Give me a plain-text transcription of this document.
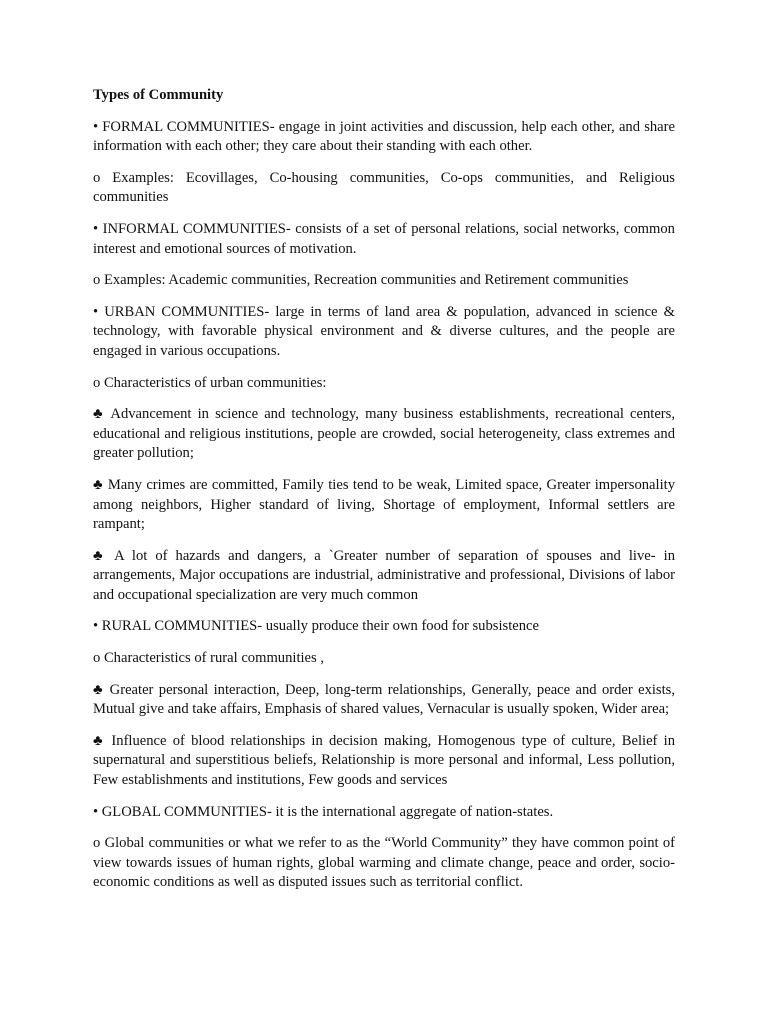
Types of Community

• FORMAL COMMUNITIES- engage in joint activities and discussion, help each other, and share information with each other; they care about their standing with each other.

o Examples: Ecovillages, Co-housing communities, Co-ops communities, and Religious communities

• INFORMAL COMMUNITIES- consists of a set of personal relations, social networks, common interest and emotional sources of motivation.

o Examples: Academic communities, Recreation communities and Retirement communities

• URBAN COMMUNITIES- large in terms of land area & population, advanced in science & technology, with favorable physical environment and & diverse cultures, and the people are engaged in various occupations.

o Characteristics of urban communities:

♣ Advancement in science and technology, many business establishments, recreational centers, educational and religious institutions, people are crowded, social heterogeneity, class extremes and greater pollution;

♣ Many crimes are committed, Family ties tend to be weak, Limited space, Greater impersonality among neighbors, Higher standard of living, Shortage of employment, Informal settlers are rampant;

♣ A lot of hazards and dangers, a `Greater number of separation of spouses and live- in arrangements, Major occupations are industrial, administrative and professional, Divisions of labor and occupational specialization are very much common

• RURAL COMMUNITIES- usually produce their own food for subsistence

o Characteristics of rural communities ,

♣ Greater personal interaction, Deep, long-term relationships, Generally, peace and order exists, Mutual give and take affairs, Emphasis of shared values, Vernacular is usually spoken, Wider area;

♣ Influence of blood relationships in decision making, Homogenous type of culture, Belief in supernatural and superstitious beliefs, Relationship is more personal and informal, Less pollution, Few establishments and institutions, Few goods and services

• GLOBAL COMMUNITIES- it is the international aggregate of nation-states.

o Global communities or what we refer to as the “World Community” they have common point of view towards issues of human rights, global warming and climate change, peace and order, socio-economic conditions as well as disputed issues such as territorial conflict.
